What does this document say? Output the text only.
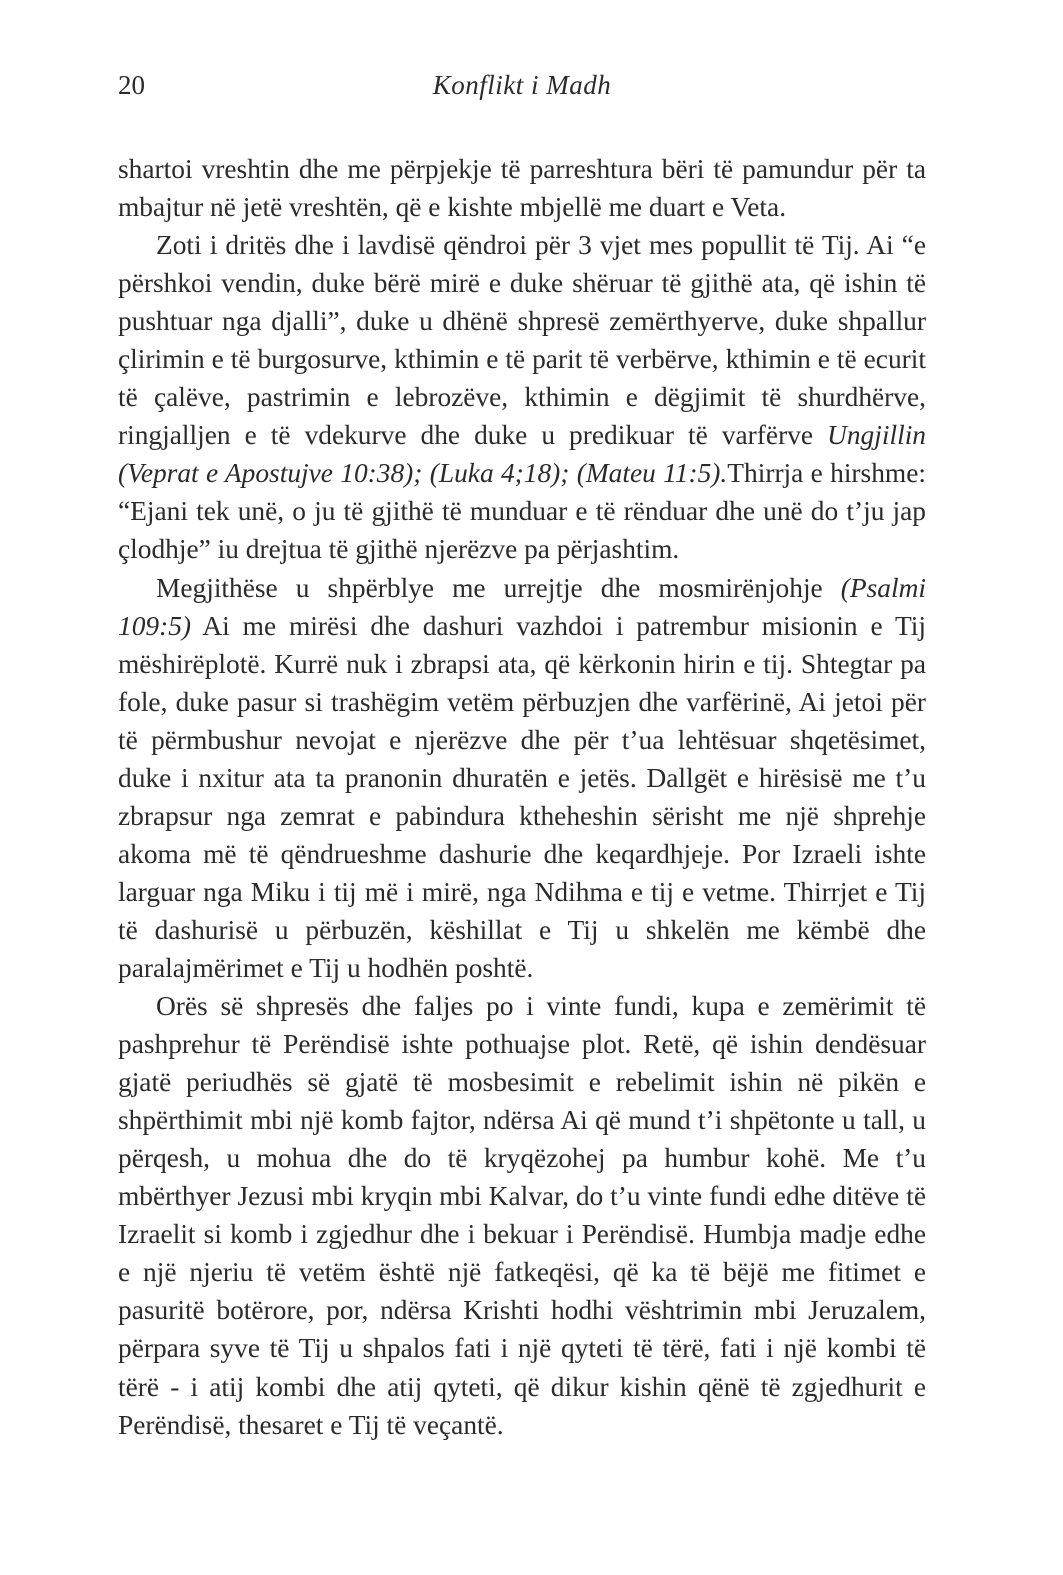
20	Konflikt i Madh

shartoi vreshtin dhe me përpjekje të parreshtura bëri të pamundur për ta mbajtur në jetë vreshtën, që e kishte mbjellë me duart e Veta.

Zoti i dritës dhe i lavdisë qëndroi për 3 vjet mes popullit të Tij. Ai “e përshkoi vendin, duke bërë mirë e duke shëruar të gjithë ata, që ishin të pushtuar nga djalli”, duke u dhënë shpresë zemërthyerve, duke shpallur çlirimin e të burgosurve, kthimin e të parit të verbërve, kthimin e të ecurit të çalëve, pastrimin e lebrozëve, kthimin e dëgjimit të shurdhërve, ringjalljen e të vdekurve dhe duke u predikuar të varfërve Ungjillin (Veprat e Apostujve 10:38); (Luka 4;18); (Mateu 11:5).Thirrja e hirshme: “Ejani tek unë, o ju të gjithë të munduar e të rënduar dhe unë do t’ju jap çlodhje” iu drejtua të gjithë njerëzve pa përjashtim.

Megjithëse u shpërblye me urrejtje dhe mosmirënjohje (Psalmi 109:5) Ai me mirësi dhe dashuri vazhdoi i patrembur misionin e Tij mëshirëplotë. Kurrë nuk i zbrapsi ata, që kërkonin hirin e tij. Shtegtar pa fole, duke pasur si trashëgim vetëm përbuzjen dhe varfërinë, Ai jetoi për të përmbushur nevojat e njerëzve dhe për t’ua lehtësuar shqetësimet, duke i nxitur ata ta pranonin dhuratën e jetës. Dallgët e hirësisë me t’u zbrapsur nga zemrat e pabindura ktheheshin sërisht me një shprehje akoma më të qëndrueshme dashurie dhe keqardhjeje. Por Izraeli ishte larguar nga Miku i tij më i mirë, nga Ndihma e tij e vetme. Thirrjet e Tij të dashurisë u përbuzën, këshillat e Tij u shkelën me këmbë dhe paralajmërimet e Tij u hodhën poshtë.

Orës së shpresës dhe faljes po i vinte fundi, kupa e zemërimit të pashprehur të Perëndisë ishte pothuajse plot. Retë, që ishin dendësuar gjatë periudhës së gjatë të mosbesimit e rebelimit ishin në pikën e shpërthimit mbi një komb fajtor, ndërsa Ai që mund t’i shpëtonte u tall, u përqesh, u mohua dhe do të kryqëzohej pa humbur kohë. Me t’u mbërthyer Jezusi mbi kryqin mbi Kalvar, do t’u vinte fundi edhe ditëve të Izraelit si komb i zgjedhur dhe i bekuar i Perëndisë. Humbja madje edhe e një njeriu të vetëm është një fatkeqësi, që ka të bëjë me fitimet e pasuritë botërore, por, ndërsa Krishti hodhi vështrimin mbi Jeruzalem, përpara syve të Tij u shpalos fati i një qyteti të tërë, fati i një kombi të tërë - i atij kombi dhe atij qyteti, që dikur kishin qënë të zgjedhurit e Perëndisë, thesaret e Tij të veçantë.
